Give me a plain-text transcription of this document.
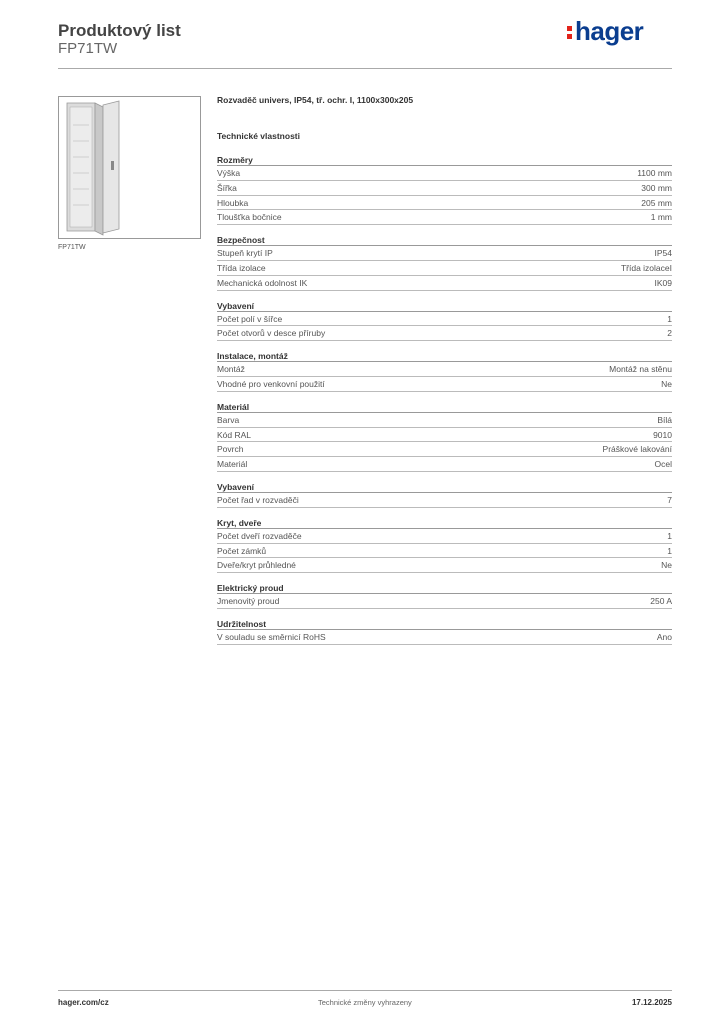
Produktový list
FP71TW
hager
FP71TW
Rozvaděč univers, IP54, tř. ochr. I, 1100x300x205
Technické vlastnosti
Rozměry
Výška	1100 mm
Šířka	300 mm
Hloubka	205 mm
Tloušťka bočnice	1 mm
Bezpečnost
Stupeň krytí IP	IP54
Třída izolace	Třída izolaceI
Mechanická odolnost IK	IK09
Vybavení
Počet polí v šířce	1
Počet otvorů v desce příruby	2
Instalace, montáž
Montáž	Montáž na stěnu
Vhodné pro venkovní použití	Ne
Materiál
Barva	Bílá
Kód RAL	9010
Povrch	Práškové lakování
Materiál	Ocel
Vybavení
Počet řad v rozvaděči	7
Kryt, dveře
Počet dveří rozvaděče	1
Počet zámků	1
Dveře/kryt průhledné	Ne
Elektrický proud
Jmenovitý proud	250 A
Udržitelnost
V souladu se směrnicí RoHS	Ano
hager.com/cz	Technické změny vyhrazeny	17.12.2025
